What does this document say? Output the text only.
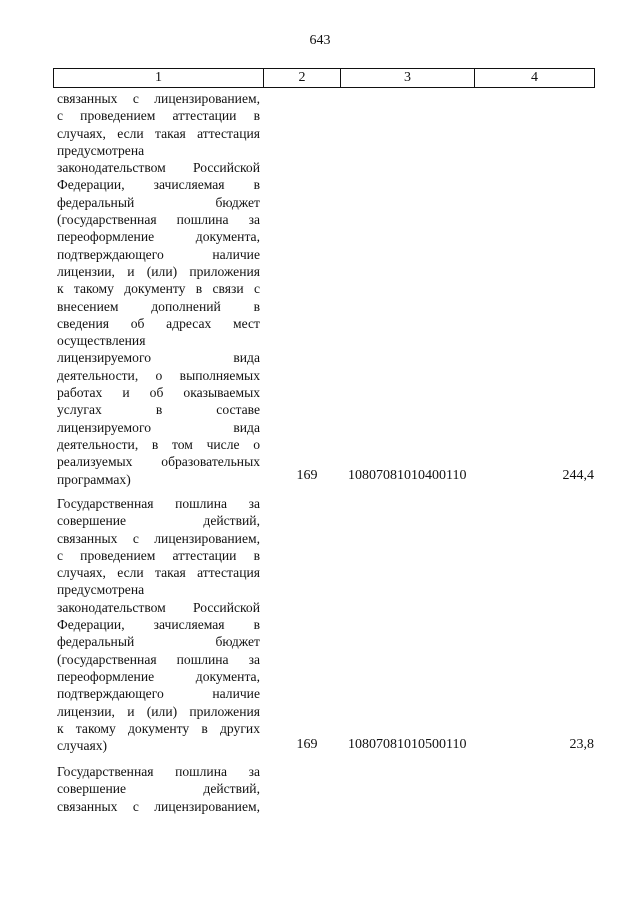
643
1	2	3	4
связанных с лицензированием,
с проведением аттестации в
случаях, если такая аттестация
предусмотрена
законодательством Российской
Федерации, зачисляемая в
федеральный бюджет
(государственная пошлина за
переоформление документа,
подтверждающего наличие
лицензии, и (или) приложения
к такому документу в связи с
внесением дополнений в
сведения об адресах мест
осуществления
лицензируемого вида
деятельности, о выполняемых
работах и об оказываемых
услугах в составе
лицензируемого вида
деятельности, в том числе о
реализуемых образовательных
программах)	169 10807081010400110	244,4
Государственная пошлина за
совершение действий,
связанных с лицензированием,
с проведением аттестации в
случаях, если такая аттестация
предусмотрена
законодательством Российской
Федерации, зачисляемая в
федеральный бюджет
(государственная пошлина за
переоформление документа,
подтверждающего наличие
лицензии, и (или) приложения
к такому документу в других
случаях)	169 10807081010500110	23,8
Государственная пошлина за
совершение действий,
связанных с лицензированием,
